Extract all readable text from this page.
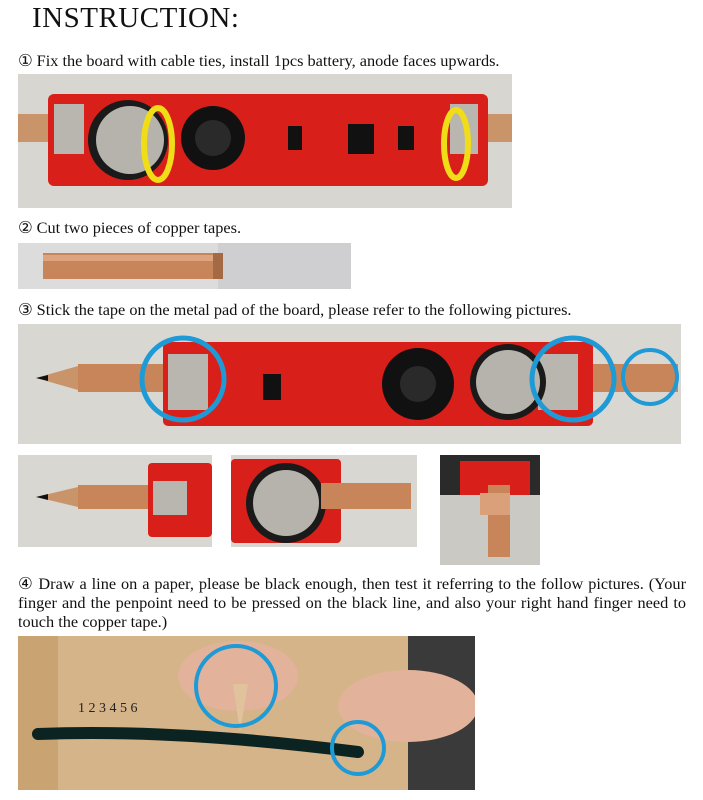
INSTRUCTION:
① Fix the board with cable ties, install 1pcs battery, anode faces upwards.
② Cut two pieces of copper tapes.
③ Stick the tape on the metal pad of the board, please refer to the following pictures.
④ Draw a line on a paper, please be black enough, then test it referring to the follow pictures. (Your finger and the penpoint need to be pressed on the black line, and also your right hand finger need to touch the copper tape.)
1 2 3 4 5 6
